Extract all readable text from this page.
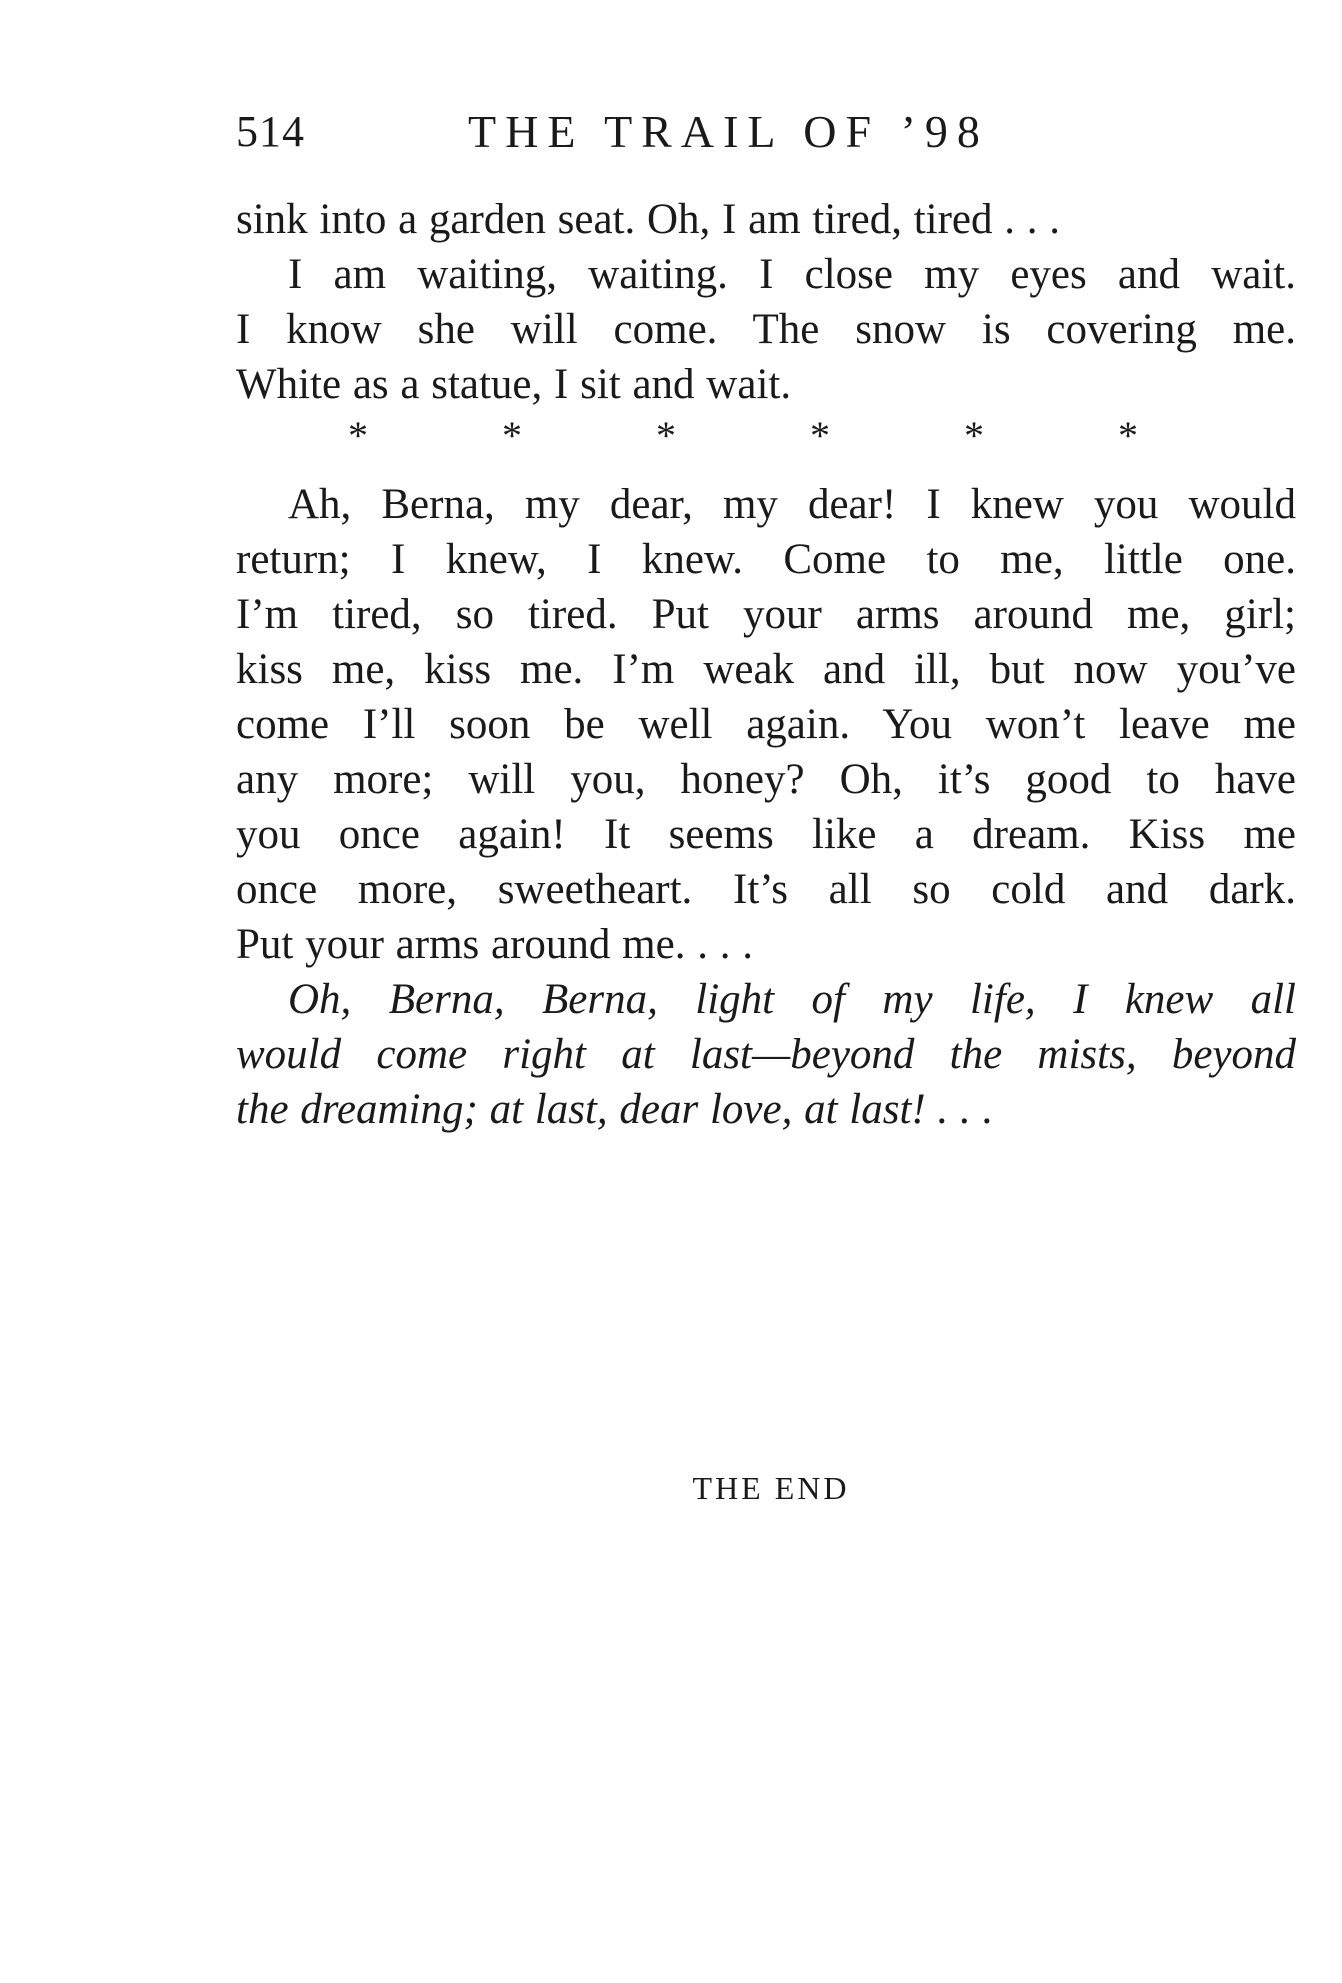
514	THE TRAIL OF ’98
sink into a garden seat. Oh, I am tired, tired . . .
I am waiting, waiting. I close my eyes and wait.
I know she will come. The snow is covering me.
White as a statue, I sit and wait.
*	*	*	*	*	*
Ah, Berna, my dear, my dear! I knew you would
return; I knew, I knew. Come to me, little one.
I’m tired, so tired. Put your arms around me, girl;
kiss me, kiss me. I’m weak and ill, but now you’ve
come I’ll soon be well again. You won’t leave me
any more; will you, honey? Oh, it’s good to have
you once again! It seems like a dream. Kiss me
once more, sweetheart. It’s all so cold and dark.
Put your arms around me. . . .
Oh, Berna, Berna, light of my life, I knew all
would come right at last—beyond the mists, beyond
the dreaming; at last, dear love, at last! . . .
THE END
